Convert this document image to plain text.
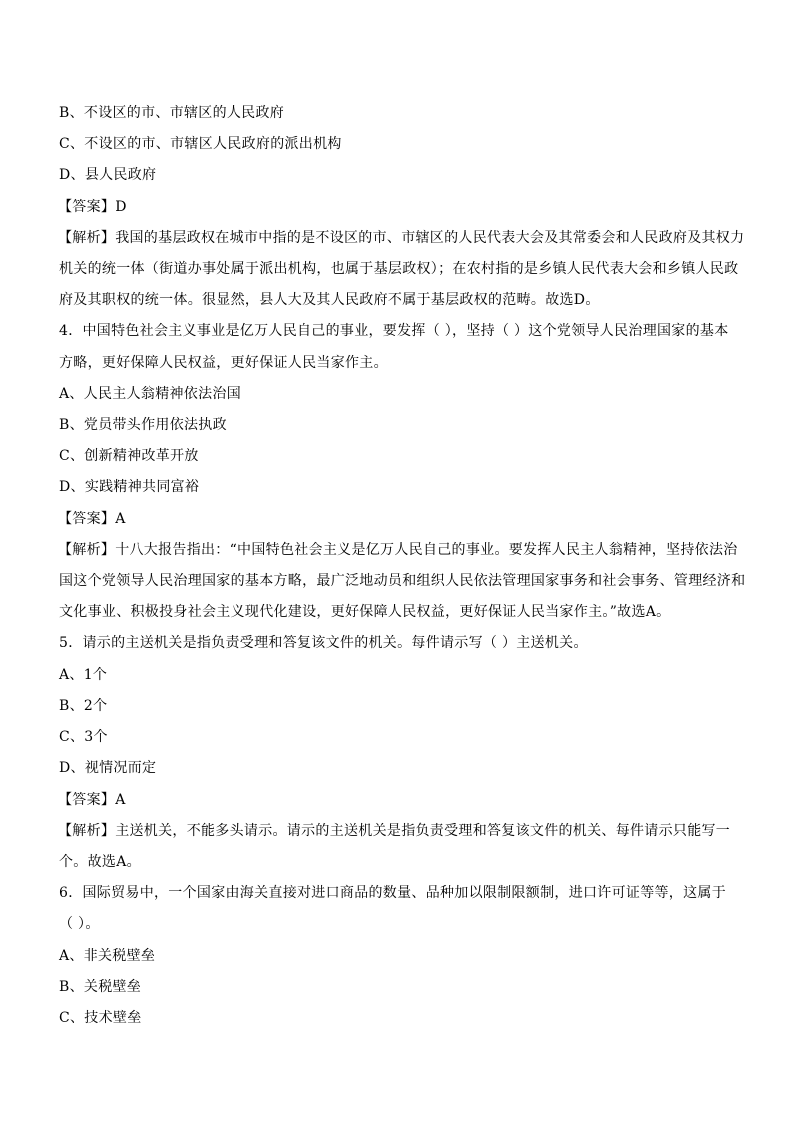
B、不设区的市、市辖区的人民政府
C、不设区的市、市辖区人民政府的派出机构
D、县人民政府
【答案】D
【解析】我国的基层政权在城市中指的是不设区的市、市辖区的人民代表大会及其常委会和人民政府及其权力
机关的统一体（街道办事处属于派出机构，也属于基层政权）；在农村指的是乡镇人民代表大会和乡镇人民政
府及其职权的统一体。很显然，县人大及其人民政府不属于基层政权的范畴。故选D。
4．中国特色社会主义事业是亿万人民自己的事业，要发挥（ ），坚持（ ）这个党领导人民治理国家的基本
方略，更好保障人民权益，更好保证人民当家作主。
A、人民主人翁精神依法治国
B、党员带头作用依法执政
C、创新精神改革开放
D、实践精神共同富裕
【答案】A
【解析】十八大报告指出：“中国特色社会主义是亿万人民自己的事业。要发挥人民主人翁精神，坚持依法治
国这个党领导人民治理国家的基本方略，最广泛地动员和组织人民依法管理国家事务和社会事务、管理经济和
文化事业、积极投身社会主义现代化建设，更好保障人民权益，更好保证人民当家作主。”故选A。
5．请示的主送机关是指负责受理和答复该文件的机关。每件请示写（ ）主送机关。
A、1个
B、2个
C、3个
D、视情况而定
【答案】A
【解析】主送机关，不能多头请示。请示的主送机关是指负责受理和答复该文件的机关、每件请示只能写一
个。故选A。
6．国际贸易中，一个国家由海关直接对进口商品的数量、品种加以限制限额制，进口许可证等等，这属于
（ ）。
A、非关税壁垒
B、关税壁垒
C、技术壁垒
